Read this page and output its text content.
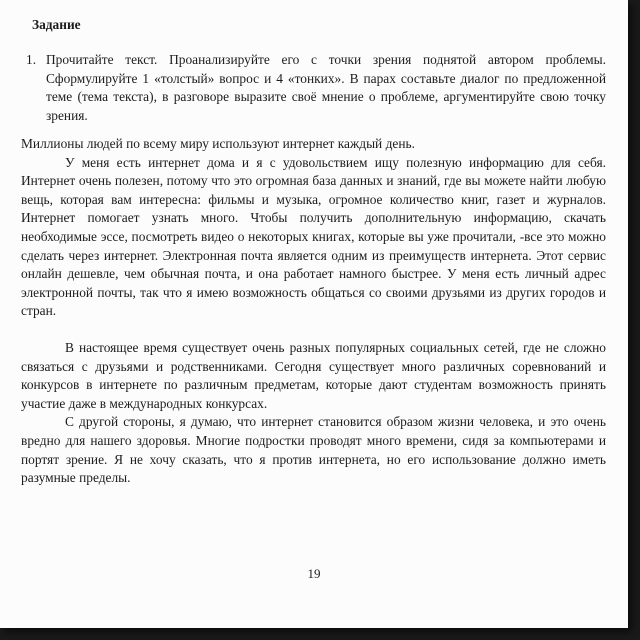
Задание
1. Прочитайте текст. Проанализируйте его с точки зрения поднятой автором проблемы. Сформулируйте 1 «толстый» вопрос и 4 «тонких». В парах составьте диалог по предложенной теме (тема текста), в разговоре выразите своё мнение о проблеме, аргументируйте свою точку зрения.

Миллионы людей по всему миру используют интернет каждый день.

У меня есть интернет дома и я с удовольствием ищу полезную информацию для себя. Интернет очень полезен, потому что это огромная база данных и знаний, где вы можете найти любую вещь, которая вам интересна: фильмы и музыка, огромное количество книг, газет и журналов. Интернет помогает узнать много. Чтобы получить дополнительную информацию, скачать необходимые эссе, посмотреть видео о некоторых книгах, которые вы уже прочитали, -все это можно сделать через интернет. Электронная почта является одним из преимуществ интернета. Этот сервис онлайн дешевле, чем обычная почта, и она работает намного быстрее. У меня есть личный адрес электронной почты, так что я имею возможность общаться со своими друзьями из других городов и стран.

В настоящее время существует очень разных популярных социальных сетей, где не сложно связаться с друзьями и родственниками. Сегодня существует много различных соревнований и конкурсов в интернете по различным предметам, которые дают студентам возможность принять участие даже в международных конкурсах.

С другой стороны, я думаю, что интернет становится образом жизни человека, и это очень вредно для нашего здоровья. Многие подростки проводят много времени, сидя за компьютерами и портят зрение. Я не хочу сказать, что я против интернета, но его использование должно иметь разумные пределы.

19
